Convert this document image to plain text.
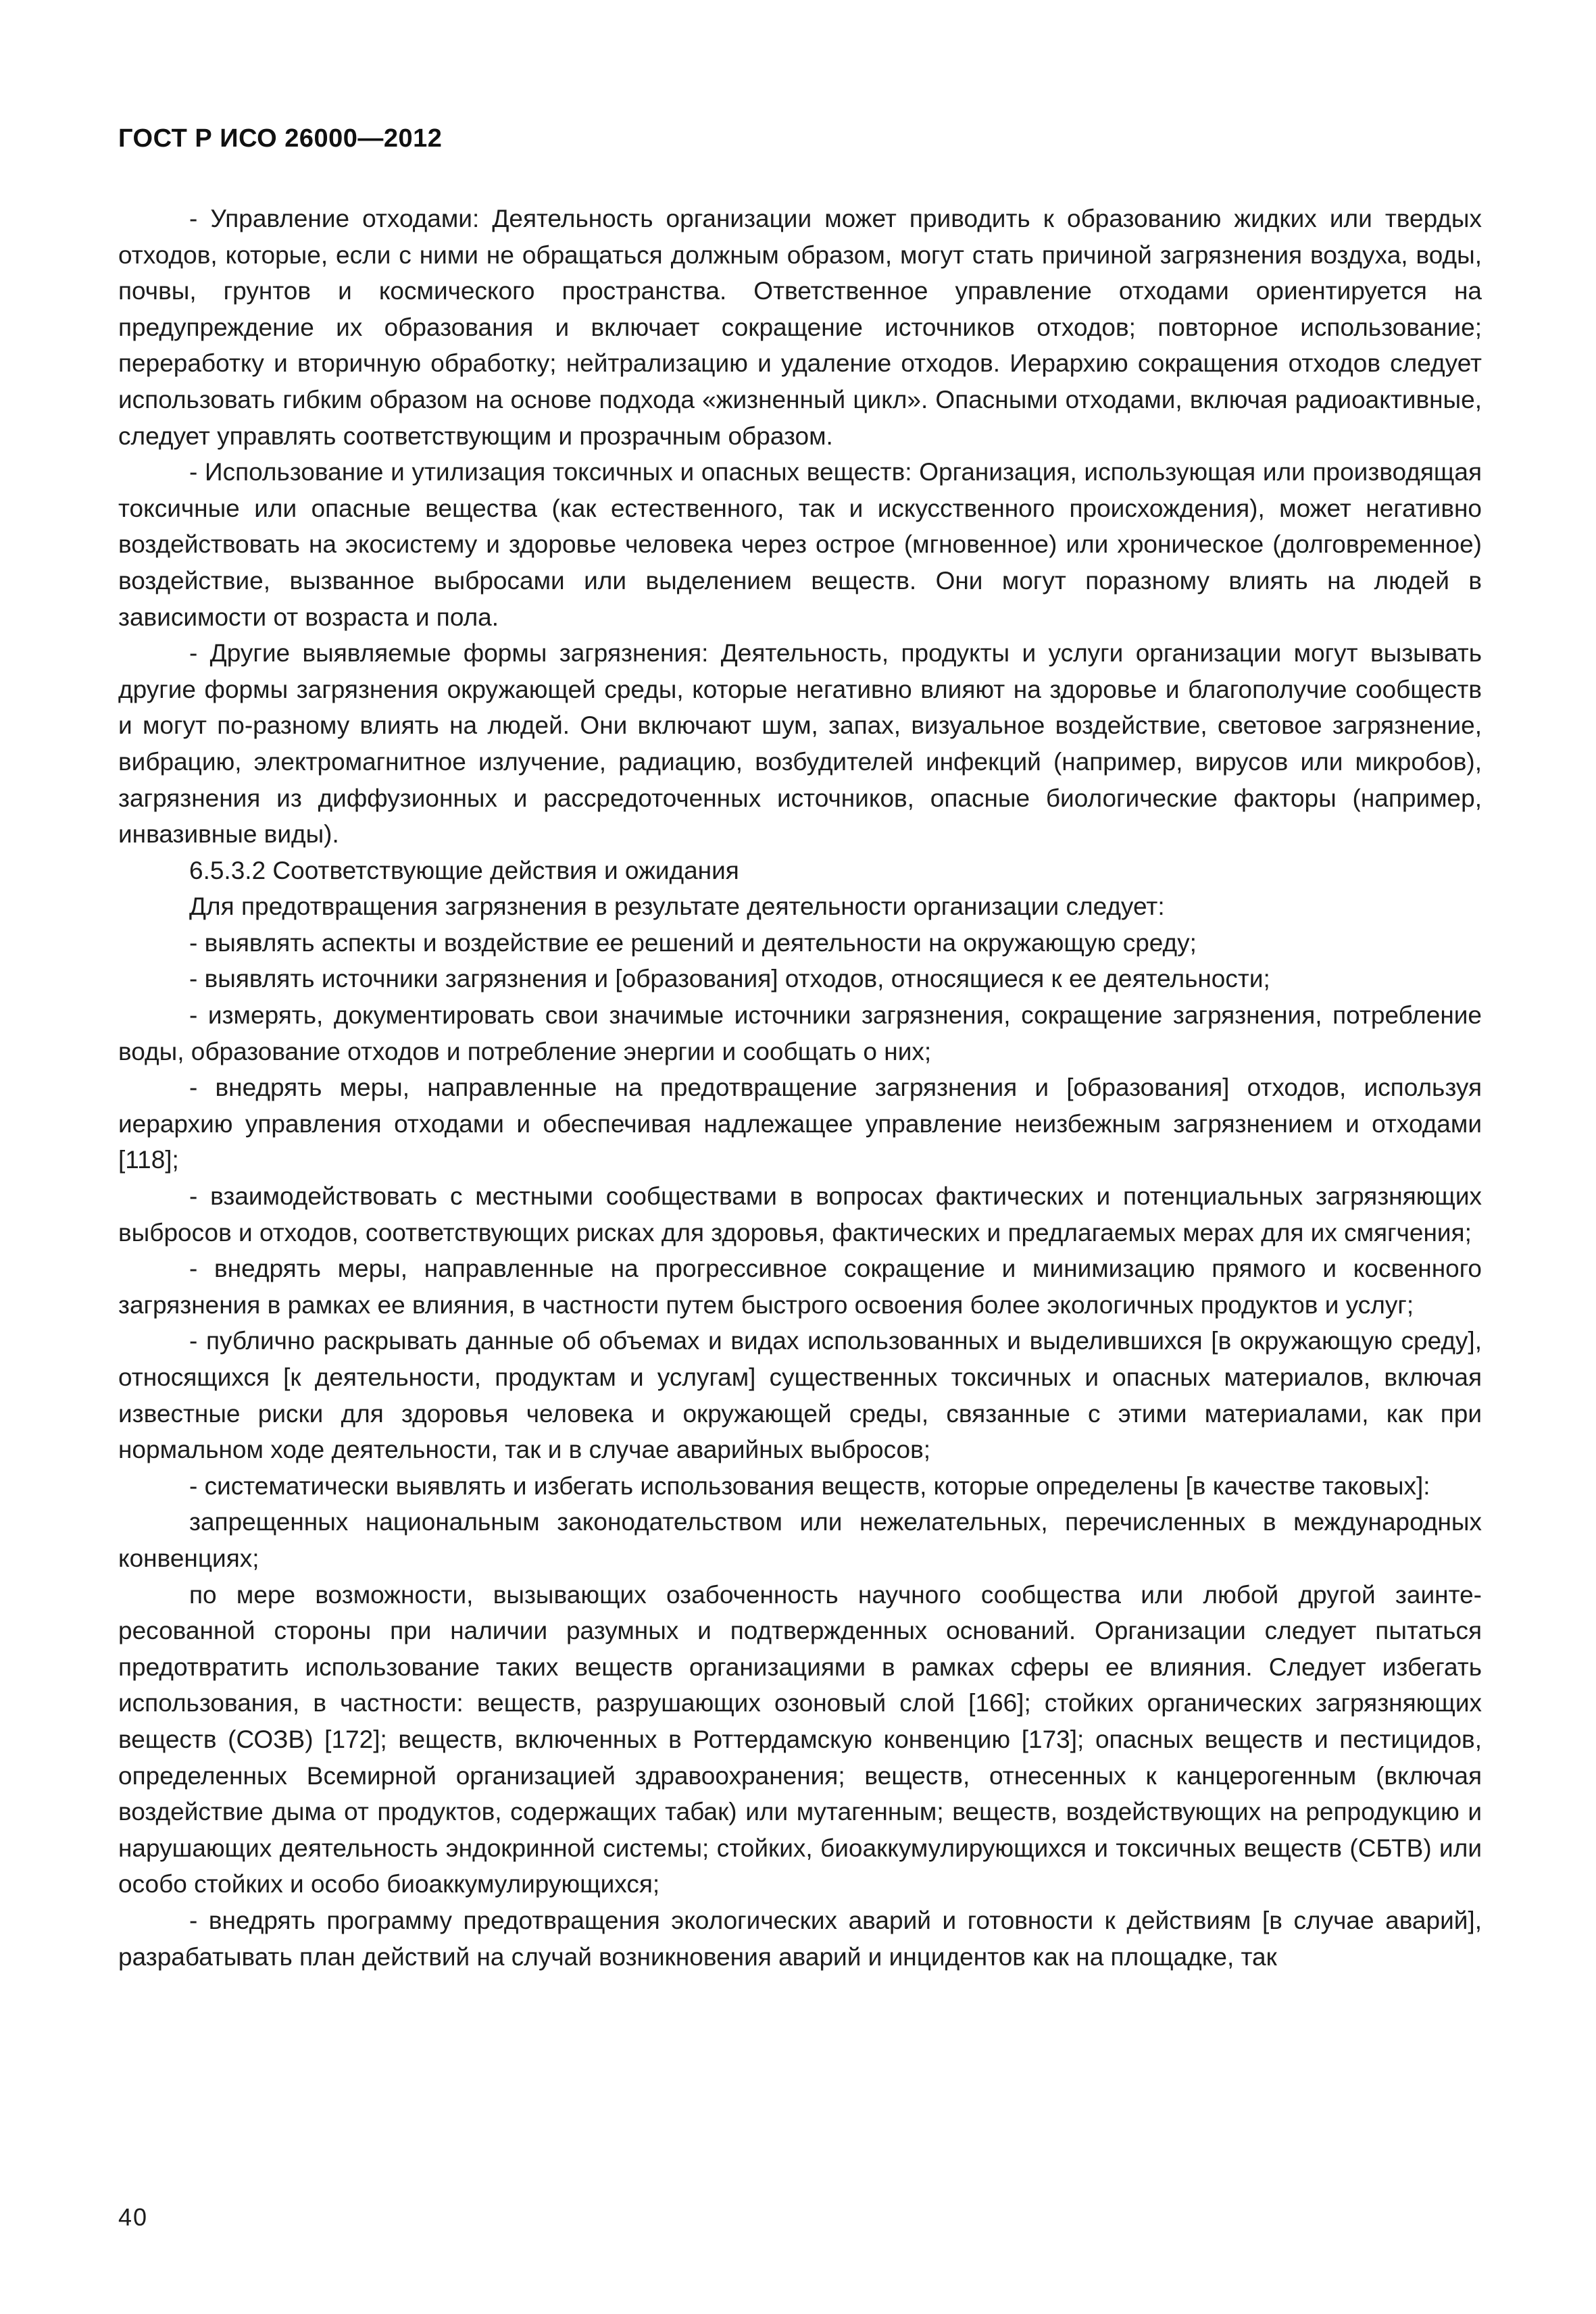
ГОСТ Р ИСО 26000—2012

- Управление отходами: Деятельность организации может приводить к образованию жидких или твердых отходов, которые, если с ними не обращаться должным образом, могут стать причиной загрязнения воздуха, воды, почвы, грунтов и космического пространства. Ответственное управление отходами ориентируется на предупреждение их образования и включает сокращение источников отходов; повторное использование; переработку и вторичную обработку; нейтрализацию и удаление отходов. Иерархию сокращения отходов следует использовать гибким образом на основе подхода «жизненный цикл». Опасными отходами, включая радиоактивные, следует управлять соответствующим и прозрачным образом.

- Использование и утилизация токсичных и опасных веществ: Организация, использующая или производящая токсичные или опасные вещества (как естественного, так и искусственного происхождения), может негативно воздействовать на экосистему и здоровье человека через острое (мгновенное) или хроническое (долговременное) воздействие, вызванное выбросами или выделением веществ. Они могут поразному влиять на людей в зависимости от возраста и пола.

- Другие выявляемые формы загрязнения: Деятельность, продукты и услуги организации могут вызывать другие формы загрязнения окружающей среды, которые негативно влияют на здоровье и благополучие сообществ и могут по-разному влиять на людей. Они включают шум, запах, визуальное воздействие, световое загрязнение, вибрацию, электромагнитное излучение, радиацию, возбудителей инфекций (например, вирусов или микробов), загрязнения из диффузионных и рассредоточенных источников, опасные биологические факторы (например, инвазивные виды).

6.5.3.2 Соответствующие действия и ожидания

Для предотвращения загрязнения в результате деятельности организации следует:

- выявлять аспекты и воздействие ее решений и деятельности на окружающую среду;

- выявлять источники загрязнения и [образования] отходов, относящиеся к ее деятельности;

- измерять, документировать свои значимые источники загрязнения, сокращение загрязнения, потребление воды, образование отходов и потребление энергии и сообщать о них;

- внедрять меры, направленные на предотвращение загрязнения и [образования] отходов, используя иерархию управления отходами и обеспечивая надлежащее управление неизбежным загрязнением и отходами [118];

- взаимодействовать с местными сообществами в вопросах фактических и потенциальных загрязняющих выбросов и отходов, соответствующих рисках для здоровья, фактических и предлагаемых мерах для их смягчения;

- внедрять меры, направленные на прогрессивное сокращение и минимизацию прямого и косвенного загрязнения в рамках ее влияния, в частности путем быстрого освоения более экологичных продуктов и услуг;

- публично раскрывать данные об объемах и видах использованных и выделившихся [в окружающую среду], относящихся [к деятельности, продуктам и услугам] существенных токсичных и опасных материалов, включая известные риски для здоровья человека и окружающей среды, связанные с этими материалами, как при нормальном ходе деятельности, так и в случае аварийных выбросов;

- систематически выявлять и избегать использования веществ, которые определены [в качестве таковых]:

запрещенных национальным законодательством или нежелательных, перечисленных в международных конвенциях;

по мере возможности, вызывающих озабоченность научного сообщества или любой другой заинтересованной стороны при наличии разумных и подтвержденных оснований. Организации следует пытаться предотвратить использование таких веществ организациями в рамках сферы ее влияния. Следует избегать использования, в частности: веществ, разрушающих озоновый слой [166]; стойких органических загрязняющих веществ (СОЗВ) [172]; веществ, включенных в Роттердамскую конвенцию [173]; опасных веществ и пестицидов, определенных Всемирной организацией здравоохранения; веществ, отнесенных к канцерогенным (включая воздействие дыма от продуктов, содержащих табак) или мутагенным; веществ, воздействующих на репродукцию и нарушающих деятельность эндокринной системы; стойких, биоаккумулирующихся и токсичных веществ (СБТВ) или особо стойких и особо биоаккумулирующихся;

- внедрять программу предотвращения экологических аварий и готовности к действиям [в случае аварий], разрабатывать план действий на случай возникновения аварий и инцидентов как на площадке, так

40
